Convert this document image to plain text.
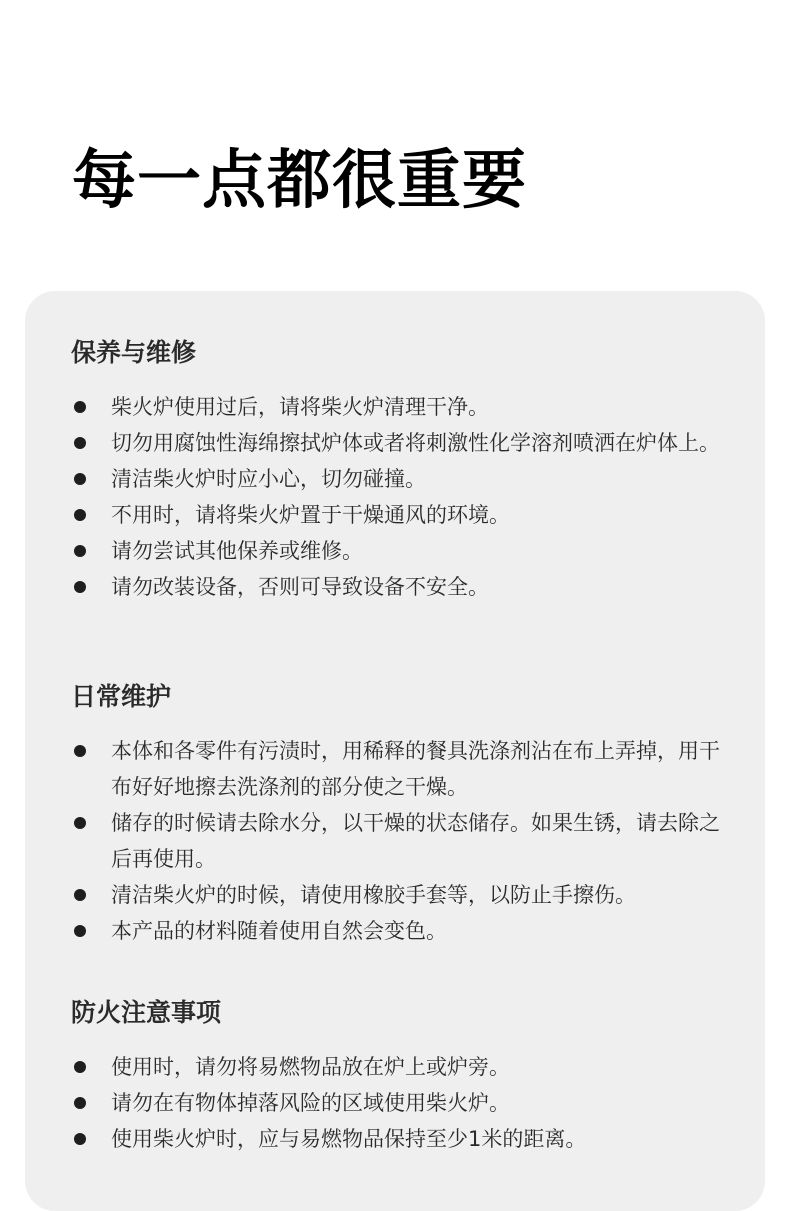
每一点都很重要
保养与维修
柴火炉使用过后，请将柴火炉清理干净。
切勿用腐蚀性海绵擦拭炉体或者将刺激性化学溶剂喷洒在炉体上。
清洁柴火炉时应小心，切勿碰撞。
不用时，请将柴火炉置于干燥通风的环境。
请勿尝试其他保养或维修。
请勿改装设备，否则可导致设备不安全。
日常维护
本体和各零件有污渍时，用稀释的餐具洗涤剂沾在布上弄掉，用干布好好地擦去洗涤剂的部分使之干燥。
储存的时候请去除水分，以干燥的状态储存。如果生锈，请去除之后再使用。
清洁柴火炉的时候，请使用橡胶手套等，以防止手擦伤。
本产品的材料随着使用自然会变色。
防火注意事项
使用时，请勿将易燃物品放在炉上或炉旁。
请勿在有物体掉落风险的区域使用柴火炉。
使用柴火炉时，应与易燃物品保持至少1米的距离。
